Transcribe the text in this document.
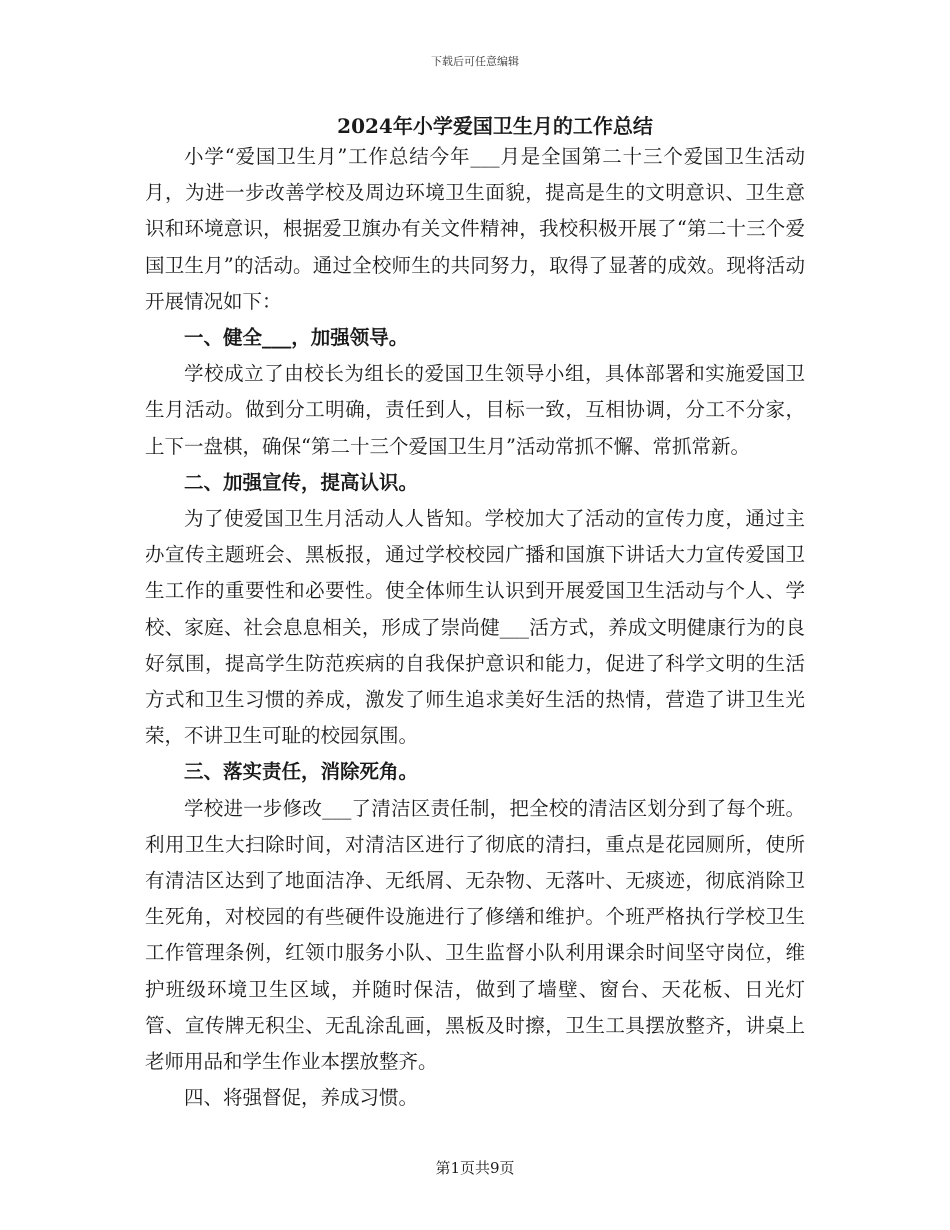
下载后可任意编辑
2024年小学爱国卫生月的工作总结

小学“爱国卫生月”工作总结今年___月是全国第二十三个爱国卫生活动月，为进一步改善学校及周边环境卫生面貌，提高是生的文明意识、卫生意识和环境意识，根据爱卫旗办有关文件精神，我校积极开展了“第二十三个爱国卫生月”的活动。通过全校师生的共同努力，取得了显著的成效。现将活动开展情况如下：

一、健全___，加强领导。

学校成立了由校长为组长的爱国卫生领导小组，具体部署和实施爱国卫生月活动。做到分工明确，责任到人，目标一致，互相协调，分工不分家，上下一盘棋，确保“第二十三个爱国卫生月”活动常抓不懈、常抓常新。

二、加强宣传，提高认识。

为了使爱国卫生月活动人人皆知。学校加大了活动的宣传力度，通过主办宣传主题班会、黑板报，通过学校校园广播和国旗下讲话大力宣传爱国卫生工作的重要性和必要性。使全体师生认识到开展爱国卫生活动与个人、学校、家庭、社会息息相关，形成了崇尚健___活方式，养成文明健康行为的良好氛围，提高学生防范疾病的自我保护意识和能力，促进了科学文明的生活方式和卫生习惯的养成，激发了师生追求美好生活的热情，营造了讲卫生光荣，不讲卫生可耻的校园氛围。

三、落实责任，消除死角。

学校进一步修改___了清洁区责任制，把全校的清洁区划分到了每个班。利用卫生大扫除时间，对清洁区进行了彻底的清扫，重点是花园厕所，使所有清洁区达到了地面洁净、无纸屑、无杂物、无落叶、无痰迹，彻底消除卫生死角，对校园的有些硬件设施进行了修缮和维护。个班严格执行学校卫生工作管理条例，红领巾服务小队、卫生监督小队利用课余时间坚守岗位，维护班级环境卫生区域，并随时保洁，做到了墙壁、窗台、天花板、日光灯管、宣传牌无积尘、无乱涂乱画，黑板及时擦，卫生工具摆放整齐，讲桌上老师用品和学生作业本摆放整齐。

四、将强督促，养成习惯。

第1页共9页
